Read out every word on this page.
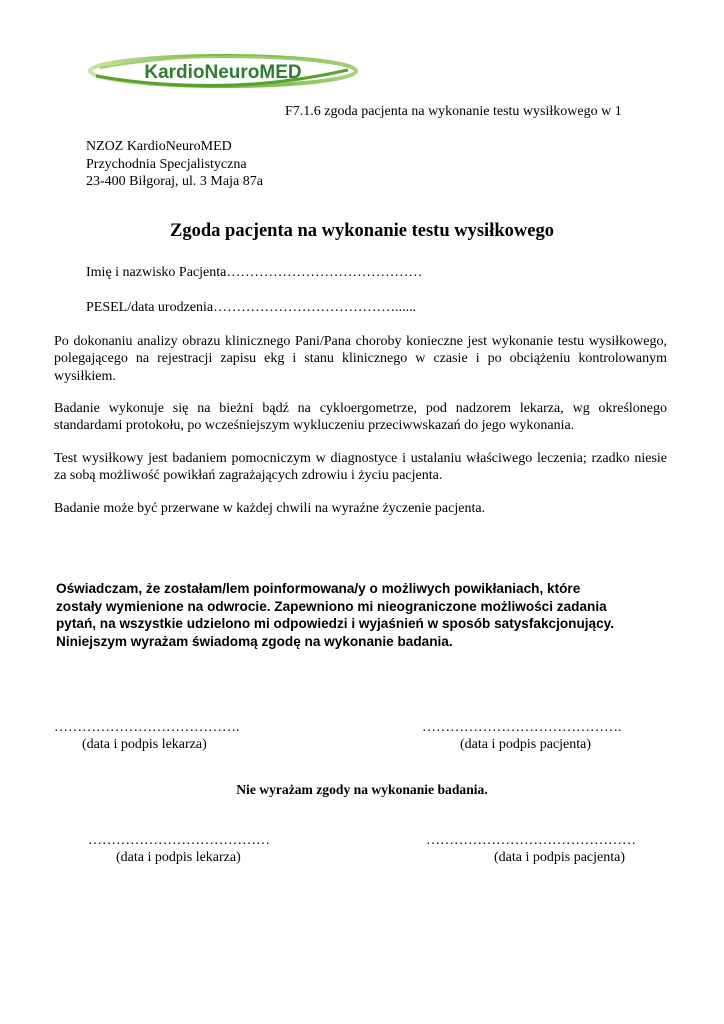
KardioNeuroMED
F7.1.6 zgoda pacjenta na wykonanie testu wysiłkowego w 1
NZOZ KardioNeuroMED
Przychodnia Specjalistyczna
23-400 Biłgoraj, ul. 3 Maja 87a
Zgoda pacjenta na wykonanie testu wysiłkowego
Imię i nazwisko Pacjenta……………………………………
PESEL/data urodzenia…………………………………......
Po dokonaniu analizy obrazu klinicznego Pani/Pana choroby konieczne jest wykonanie testu wysiłkowego, polegającego na rejestracji zapisu ekg i stanu klinicznego w czasie i po obciążeniu kontrolowanym wysiłkiem.
Badanie wykonuje się na bieżni bądź na cykloergometrze, pod nadzorem lekarza, wg określonego standardami protokołu, po wcześniejszym wykluczeniu przeciwwskazań do jego wykonania.
Test wysiłkowy jest badaniem pomocniczym w diagnostyce i ustalaniu właściwego leczenia; rzadko niesie za sobą możliwość powikłań zagrażających zdrowiu i życiu pacjenta.
Badanie może być przerwane w każdej chwili na wyraźne życzenie pacjenta.
Oświadczam, że zostałam/lem poinformowana/y o możliwych powikłaniach, które zostały wymienione na odwrocie. Zapewniono mi nieograniczone możliwości zadania pytań, na wszystkie udzielono mi odpowiedzi i wyjaśnień w sposób satysfakcjonujący. Niniejszym wyrażam świadomą zgodę na wykonanie badania.
………………………………….
(data i podpis lekarza)
…………………………………….
(data i podpis pacjenta)
Nie wyrażam zgody na wykonanie badania.
…………………………………
(data i podpis lekarza)
………………………………………
(data i podpis pacjenta)
